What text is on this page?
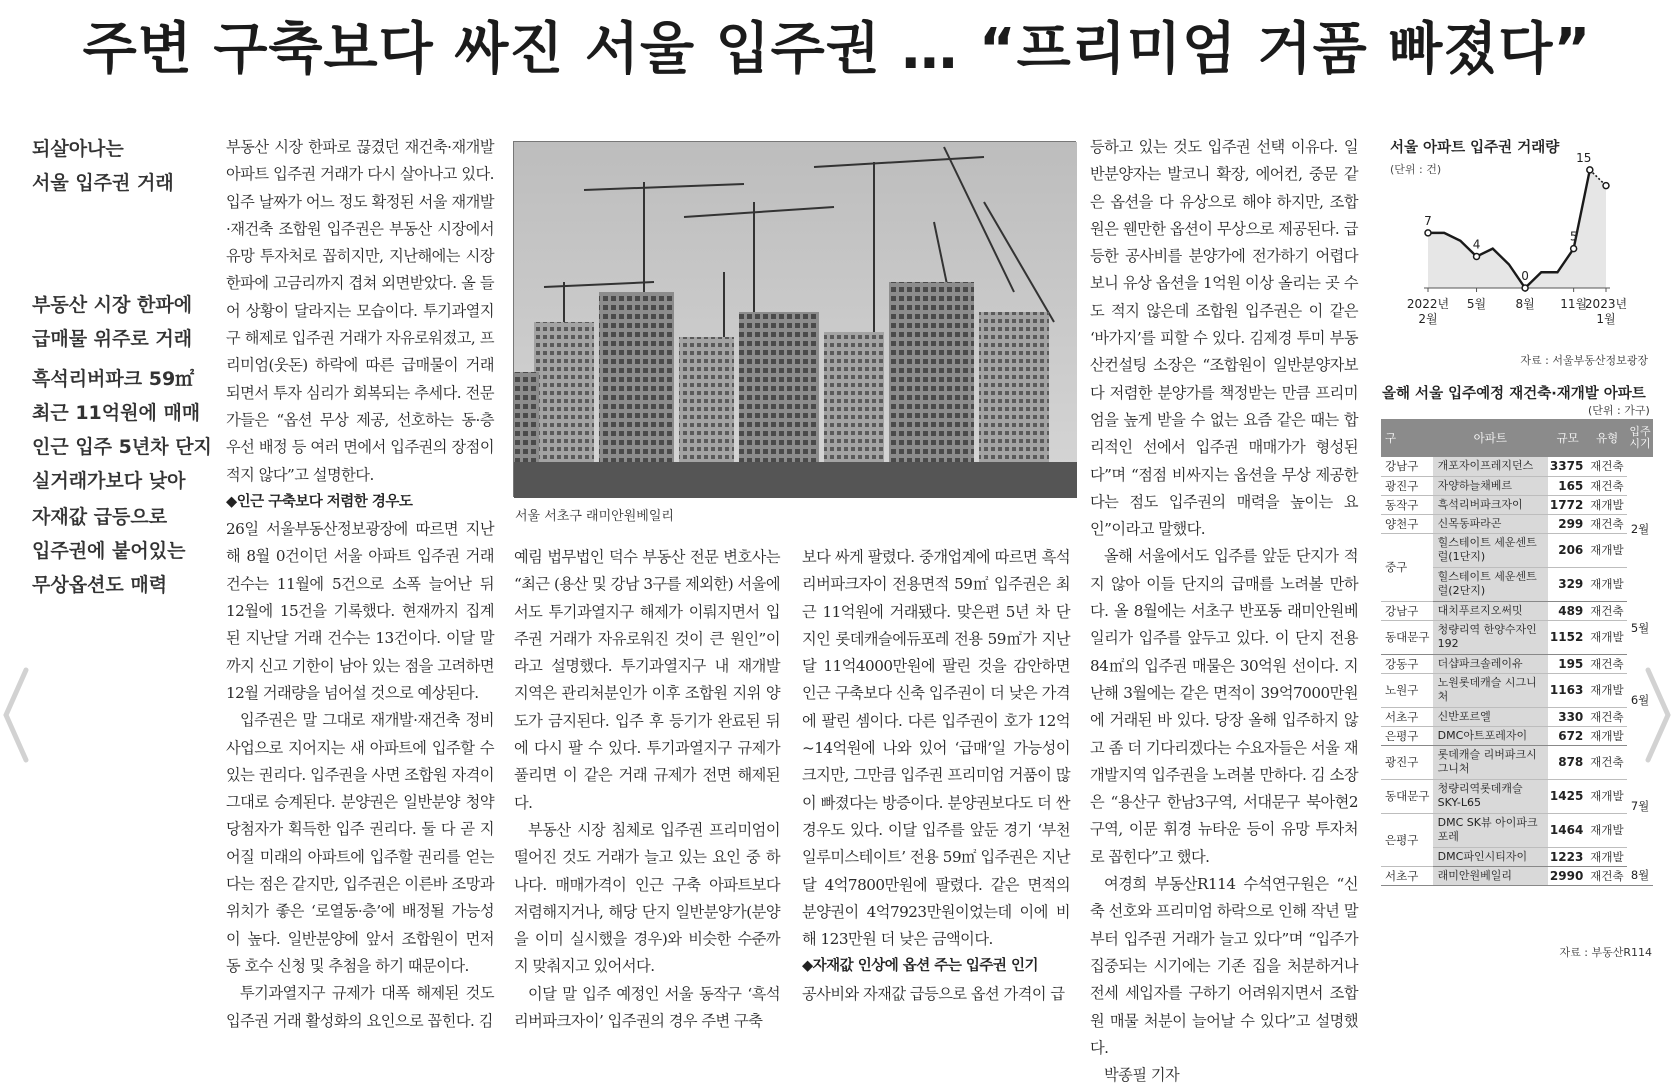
주변 구축보다 싸진 서울 입주권 … “프리미엄 거품 빠졌다”
되살아나는
서울 입주권 거래
부동산 시장 한파에
급매물 위주로 거래
흑석리버파크 59㎡
최근 11억원에 매매
인근 입주 5년차 단지
실거래가보다 낮아
자재값 급등으로
입주권에 붙어있는
무상옵션도 매력

부동산 시장 한파로 끊겼던 재건축·재개발 아파트 입주권 거래가 다시 살아나고 있다. 입주 날짜가 어느 정도 확정된 서울 재개발·재건축 조합원 입주권은 부동산 시장에서 유망 투자처로 꼽히지만, 지난해에는 시장 한파에 고금리까지 겹쳐 외면받았다. 올 들어 상황이 달라지는 모습이다. 투기과열지구 해제로 입주권 거래가 자유로워졌고, 프리미엄(웃돈) 하락에 따른 급매물이 거래되면서 투자 심리가 회복되는 추세다. 전문가들은 “옵션 무상 제공, 선호하는 동·층 우선 배정 등 여러 면에서 입주권의 장점이 적지 않다”고 설명한다.

◆인근 구축보다 저렴한 경우도

26일 서울부동산정보광장에 따르면 지난해 8월 0건이던 서울 아파트 입주권 거래 건수는 11월에 5건으로 소폭 늘어난 뒤 12월에 15건을 기록했다. 현재까지 집계된 지난달 거래 건수는 13건이다. 이달 말까지 신고 기한이 남아 있는 점을 고려하면 12월 거래량을 넘어설 것으로 예상된다.

입주권은 말 그대로 재개발·재건축 정비사업으로 지어지는 새 아파트에 입주할 수 있는 권리다. 입주권을 사면 조합원 자격이 그대로 승계된다. 분양권은 일반분양 청약 당첨자가 획득한 입주 권리다. 둘 다 곧 지어질 미래의 아파트에 입주할 권리를 얻는다는 점은 같지만, 입주권은 이른바 조망과 위치가 좋은 ‘로열동·층’에 배정될 가능성이 높다. 일반분양에 앞서 조합원이 먼저 동 호수 신청 및 추첨을 하기 때문이다.

투기과열지구 규제가 대폭 해제된 것도 입주권 거래 활성화의 요인으로 꼽힌다. 김

서울 서초구 래미안원베일리

예림 법무법인 덕수 부동산 전문 변호사는 “최근 (용산 및 강남 3구를 제외한) 서울에서도 투기과열지구 해제가 이뤄지면서 입주권 거래가 자유로워진 것이 큰 원인”이라고 설명했다. 투기과열지구 내 재개발 지역은 관리처분인가 이후 조합원 지위 양도가 금지된다. 입주 후 등기가 완료된 뒤에 다시 팔 수 있다. 투기과열지구 규제가 풀리면 이 같은 거래 규제가 전면 해제된다.

부동산 시장 침체로 입주권 프리미엄이 떨어진 것도 거래가 늘고 있는 요인 중 하나다. 매매가격이 인근 구축 아파트보다 저렴해지거나, 해당 단지 일반분양가(분양을 이미 실시했을 경우)와 비슷한 수준까지 맞춰지고 있어서다.

이달 말 입주 예정인 서울 동작구 ‘흑석리버파크자이’ 입주권의 경우 주변 구축

보다 싸게 팔렸다. 중개업계에 따르면 흑석리버파크자이 전용면적 59㎡ 입주권은 최근 11억원에 거래됐다. 맞은편 5년 차 단지인 롯데캐슬에듀포레 전용 59㎡가 지난달 11억4000만원에 팔린 것을 감안하면 인근 구축보다 신축 입주권이 더 낮은 가격에 팔린 셈이다. 다른 입주권이 호가 12억~14억원에 나와 있어 ‘급매’일 가능성이 크지만, 그만큼 입주권 프리미엄 거품이 많이 빠졌다는 방증이다. 분양권보다도 더 싼 경우도 있다. 이달 입주를 앞둔 경기 ‘부천일루미스테이트’ 전용 59㎡ 입주권은 지난달 4억7800만원에 팔렸다. 같은 면적의 분양권이 4억7923만원이었는데 이에 비해 123만원 더 낮은 금액이다.

◆자재값 인상에 옵션 주는 입주권 인기

공사비와 자재값 급등으로 옵션 가격이 급

등하고 있는 것도 입주권 선택 이유다. 일반분양자는 발코니 확장, 에어컨, 중문 같은 옵션을 다 유상으로 해야 하지만, 조합원은 웬만한 옵션이 무상으로 제공된다. 급등한 공사비를 분양가에 전가하기 어렵다 보니 유상 옵션을 1억원 이상 올리는 곳 수도 적지 않은데 조합원 입주권은 이 같은 ‘바가지’를 피할 수 있다. 김제경 투미 부동산컨설팅 소장은 “조합원이 일반분양자보다 저렴한 분양가를 책정받는 만큼 프리미엄을 높게 받을 수 없는 요즘 같은 때는 합리적인 선에서 입주권 매매가가 형성된다”며 “점점 비싸지는 옵션을 무상 제공한다는 점도 입주권의 매력을 높이는 요인”이라고 말했다.

올해 서울에서도 입주를 앞둔 단지가 적지 않아 이들 단지의 급매를 노려볼 만하다. 올 8월에는 서초구 반포동 래미안원베일리가 입주를 앞두고 있다. 이 단지 전용 84㎡의 입주권 매물은 30억원 선이다. 지난해 3월에는 같은 면적이 39억7000만원에 거래된 바 있다. 당장 올해 입주하지 않고 좀 더 기다리겠다는 수요자들은 서울 재개발지역 입주권을 노려볼 만하다. 김 소장은 “용산구 한남3구역, 서대문구 북아현2구역, 이문 휘경 뉴타운 등이 유망 투자처로 꼽힌다”고 했다.

여경희 부동산R114 수석연구원은 “신축 선호와 프리미엄 하락으로 인해 작년 말부터 입주권 거래가 늘고 있다”며 “입주가 집중되는 시기에는 기존 집을 처분하거나 전세 세입자를 구하기 어려워지면서 조합원 매물 처분이 늘어날 수 있다”고 설명했다.

박종필 기자

7
4
0
5
15
2022년
2월
5월 8월 11월
2023년
1월
서울 아파트 입주권 거래량
(단위 : 건)
자료 : 서울부동산정보광장
올해 서울 입주예정 재건축·재개발 아파트
(단위 : 가구)
구	아파트	규모	유형	입주 시기
강남구	개포자이프레지던스	3375	재건축	2월
광진구	자양하늘채베르	165	재건축	
동작구	흑석리버파크자이	1772	재개발	
양천구	신목동파라곤	299	재건축	
중구	힐스테이트 세운센트럴(1단지)	206	재개발	
	힐스테이트 세운센트럴(2단지)	329	재개발	
강남구	대치푸르지오써밋	489	재건축	5월
동대문구	청량리역 한양수자인192	1152	재개발	
강동구	더샵파크솔레이유	195	재건축	6월
노원구	노원롯데캐슬 시그니처	1163	재개발	
서초구	신반포르엘	330	재건축	
은평구	DMC아트포레자이	672	재개발	
광진구	롯데캐슬 리버파크시그니처	878	재건축	7월
동대문구	청량리역롯데캐슬 SKY-L65	1425	재개발	
은평구	DMC SK뷰 아이파크포레	1464	재개발	
	DMC파인시티자이	1223	재개발	
서초구	래미안원베일리	2990	재건축	8월
자료 : 부동산R114
